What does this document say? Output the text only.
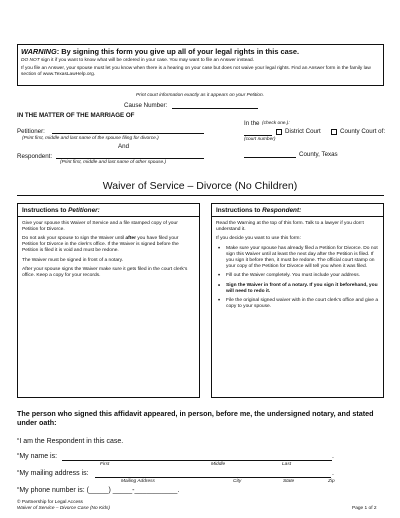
WARNING: By signing this form you give up all of your legal rights in this case.
DO NOT sign it if you want to know what will be ordered in your case. You may want to file an Answer instead.
If you file an Answer, your spouse must let you know when there is a hearing on your case but does not waive your legal rights. Find an Answer form in the family law section of www.TexasLawHelp.org.
Print court information exactly as it appears on your Petition.
Cause Number:
IN THE MATTER OF THE MARRIAGE OF
In the (check one.):
District Court	County Court of:
(court number)
Petitioner:
(Print first, middle and last name of the spouse filing for divorce.)
And
Respondent:
(Print first, middle and last name of other spouse.)
County, Texas
Waiver of Service – Divorce (No Children)
Instructions to Petitioner:

Give your spouse this Waiver of Service and a file stamped copy of your Petition for Divorce.

Do not ask your spouse to sign the Waiver until after you have filed your Petition for Divorce in the clerk’s office. If the Waiver is signed before the Petition is filed it is void and must be redone.

The Waiver must be signed in front of a notary.

After your spouse signs the Waiver make sure it gets filed in the court clerk’s office. Keep a copy for your records.

Instructions to Respondent:

Read the Warning at the top of this form. Talk to a lawyer if you don’t understand it.

If you decide you want to use this form:

• Make sure your spouse has already filed a Petition for Divorce. Do not sign this Waiver until at least the next day after the Petition is filed. If you sign it before then, it must be redone. The official court stamp on your copy of the Petition for Divorce will tell you when it was filed.
• Fill out the Waiver completely. You must include your address.
• Sign the Waiver in front of a notary. If you sign it beforehand, you will need to redo it.
• File the original signed waiver with in the court clerk’s office and give a copy to your spouse.
The person who signed this affidavit appeared, in person, before me, the undersigned notary, and stated under oath:
“I am the Respondent in this case.
“My name is:	.
First	Middle	Last
“My mailing address is:	.
Mailing Address	City	State	Zip
“My phone number is: (_____) _____-___________.
© Partnership for Legal Access
Waiver of Service – Divorce Case (No Kids)	Page 1 of 2
